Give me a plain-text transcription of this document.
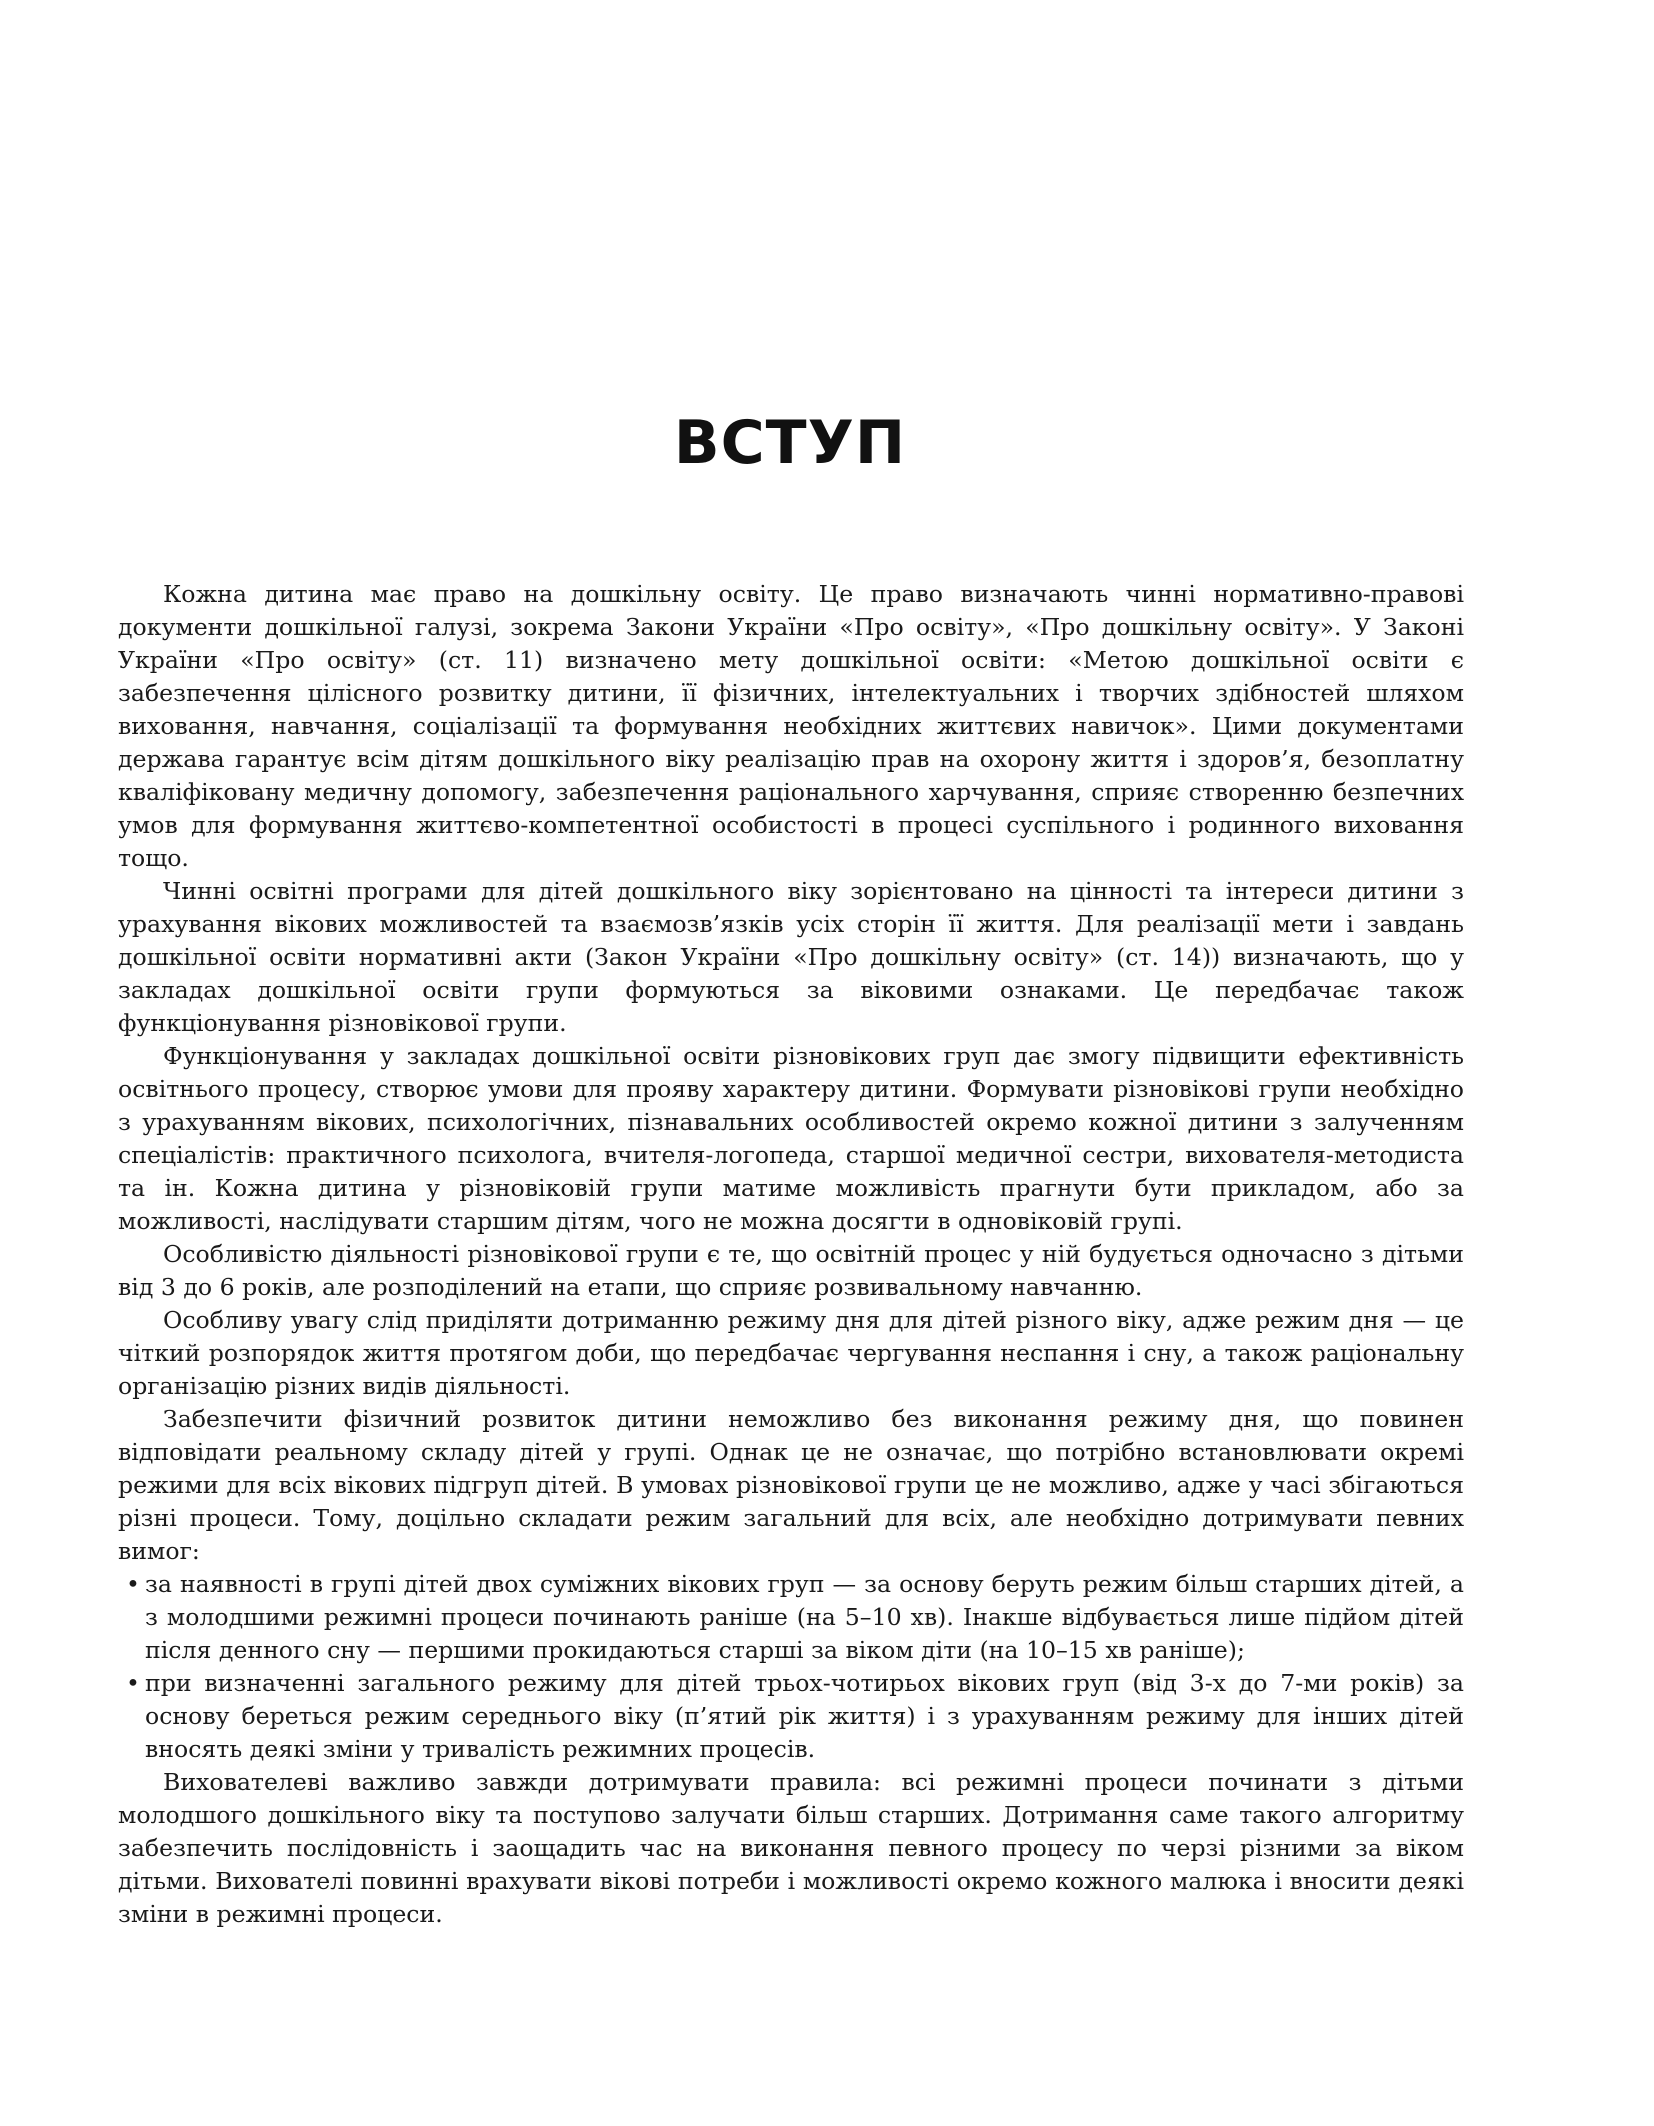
ВСТУП

Кожна дитина має право на дошкільну освіту. Це право визначають чинні нормативно-правові документи дошкільної галузі, зокрема Закони України «Про освіту», «Про дошкільну освіту». У Законі України «Про освіту» (ст. 11) визначено мету дошкільної освіти: «Метою дошкільної освіти є забезпечення цілісного розвитку дитини, її фізичних, інтелектуальних і творчих здібностей шляхом виховання, навчання, соціалізації та формування необхідних життєвих навичок». Цими документами держава гарантує всім дітям дошкільного віку реалізацію прав на охорону життя і здоров’я, безоплатну кваліфіковану медичну допомогу, забезпечення раціонального харчування, сприяє створенню безпечних умов для формування життєво-компетентної особистості в процесі суспільного і родинного виховання тощо.

Чинні освітні програми для дітей дошкільного віку зорієнтовано на цінності та інтереси дитини з урахування вікових можливостей та взаємозв’язків усіх сторін її життя. Для реалізації мети і завдань дошкільної освіти нормативні акти (Закон України «Про дошкільну освіту» (ст. 14)) визначають, що у закладах дошкільної освіти групи формуються за віковими ознаками. Це передбачає також функціонування різновікової групи.

Функціонування у закладах дошкільної освіти різновікових груп дає змогу підвищити ефективність освітнього процесу, створює умови для прояву характеру дитини. Формувати різновікові групи необхідно з урахуванням вікових, психологічних, пізнавальних особливостей окремо кожної дитини з залученням спеціалістів: практичного психолога, вчителя-логопеда, старшої медичної сестри, вихователя-методиста та ін. Кожна дитина у різновіковій групи матиме можливість прагнути бути прикладом, або за можливості, наслідувати старшим дітям, чого не можна досягти в одновіковій групі.

Особливістю діяльності різновікової групи є те, що освітній процес у ній будується одночасно з дітьми від 3 до 6 років, але розподілений на етапи, що сприяє розвивальному навчанню.

Особливу увагу слід приділяти дотриманню режиму дня для дітей різного віку, адже режим дня — це чіткий розпорядок життя протягом доби, що передбачає чергування неспання і сну, а також раціональну організацію різних видів діяльності.

Забезпечити фізичний розвиток дитини неможливо без виконання режиму дня, що повинен відповідати реальному складу дітей у групі. Однак це не означає, що потрібно встановлювати окремі режими для всіх вікових підгруп дітей. В умовах різновікової групи це не можливо, адже у часі збігаються різні процеси. Тому, доцільно складати режим загальний для всіх, але необхідно дотримувати певних вимог:

• за наявності в групі дітей двох суміжних вікових груп — за основу беруть режим більш старших дітей, а з молодшими режимні процеси починають раніше (на 5–10 хв). Інакше відбувається лише підйом дітей після денного сну — першими прокидаються старші за віком діти (на 10–15 хв раніше);
• при визначенні загального режиму для дітей трьох-чотирьох вікових груп (від 3-х до 7-ми років) за основу береться режим середнього віку (п’ятий рік життя) і з урахуванням режиму для інших дітей вносять деякі зміни у тривалість режимних процесів.

Вихователеві важливо завжди дотримувати правила: всі режимні процеси починати з дітьми молодшого дошкільного віку та поступово залучати більш старших. Дотримання саме такого алгоритму забезпечить послідовність і заощадить час на виконання певного процесу по черзі різними за віком дітьми. Вихователі повинні врахувати вікові потреби і можливості окремо кожного малюка і вносити деякі зміни в режимні процеси.
